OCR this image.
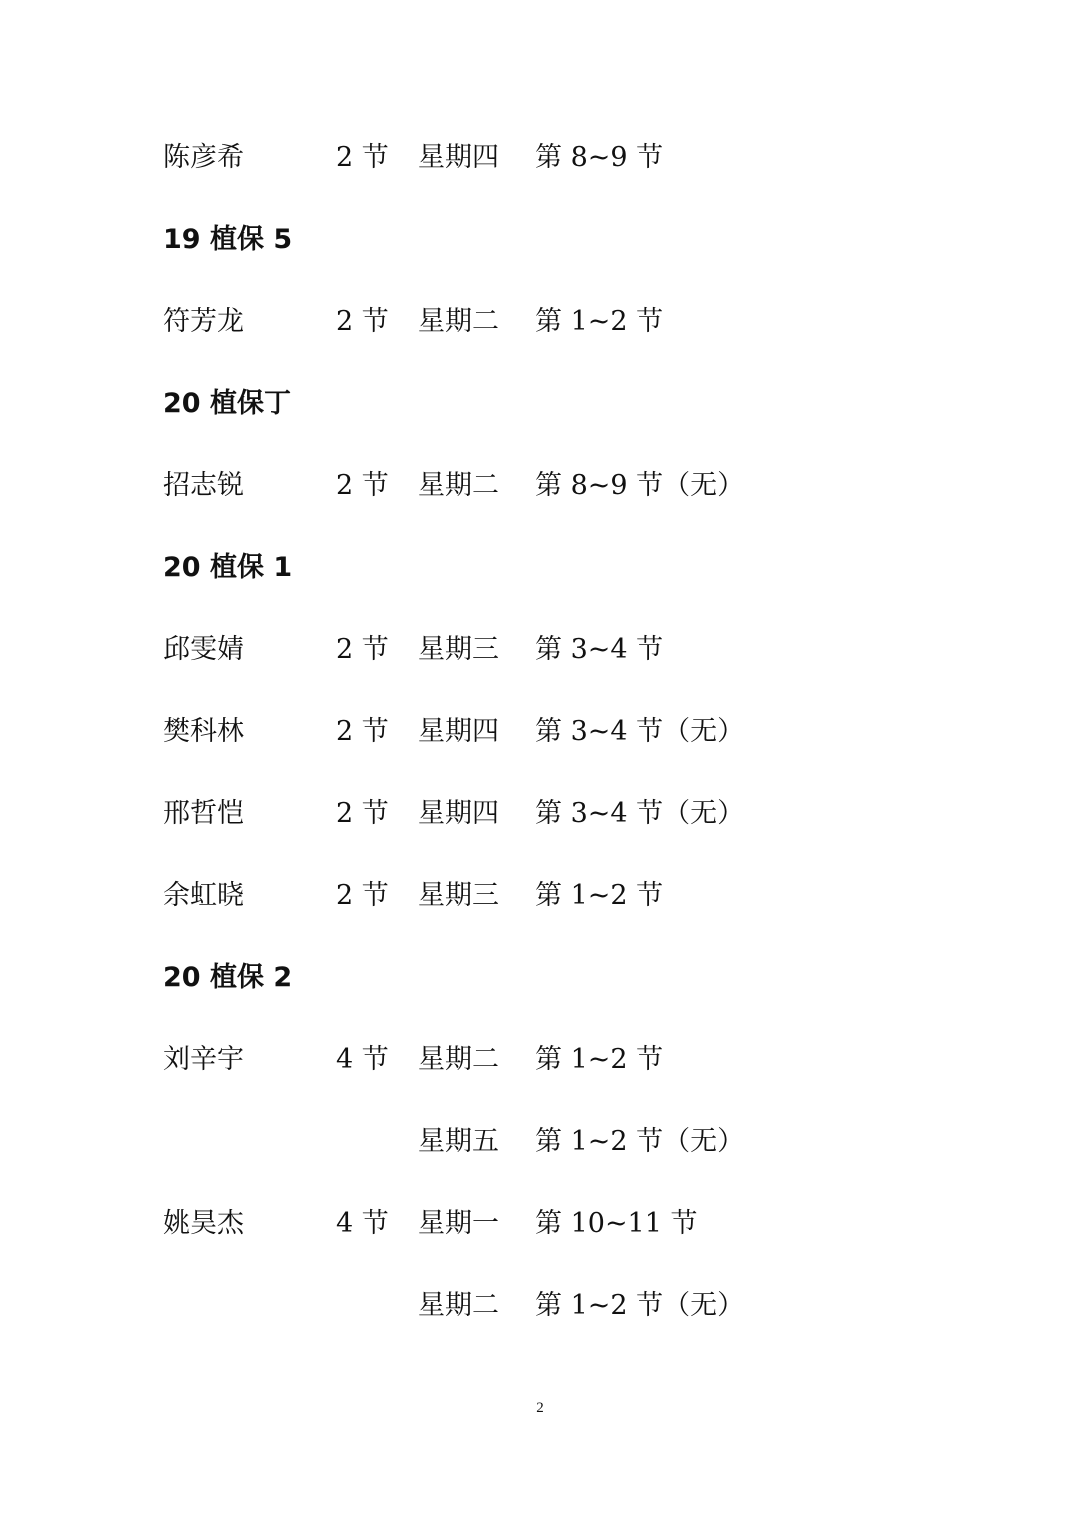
陈彦希	2 节 星期四 第 8~9 节
19 植保 5
符芳龙	2 节 星期二 第 1~2 节
20 植保丁
招志锐	2 节 星期二 第 8~9 节（无）
20 植保 1
邱雯婧	2 节 星期三 第 3~4 节
樊科林	2 节 星期四 第 3~4 节（无）
邢哲恺	2 节 星期四 第 3~4 节（无）
余虹晓	2 节 星期三 第 1~2 节
20 植保 2
刘辛宇	4 节 星期二 第 1~2 节
星期五 第 1~2 节（无）
姚昊杰	4 节 星期一 第 10~11 节
星期二 第 1~2 节（无）
2
